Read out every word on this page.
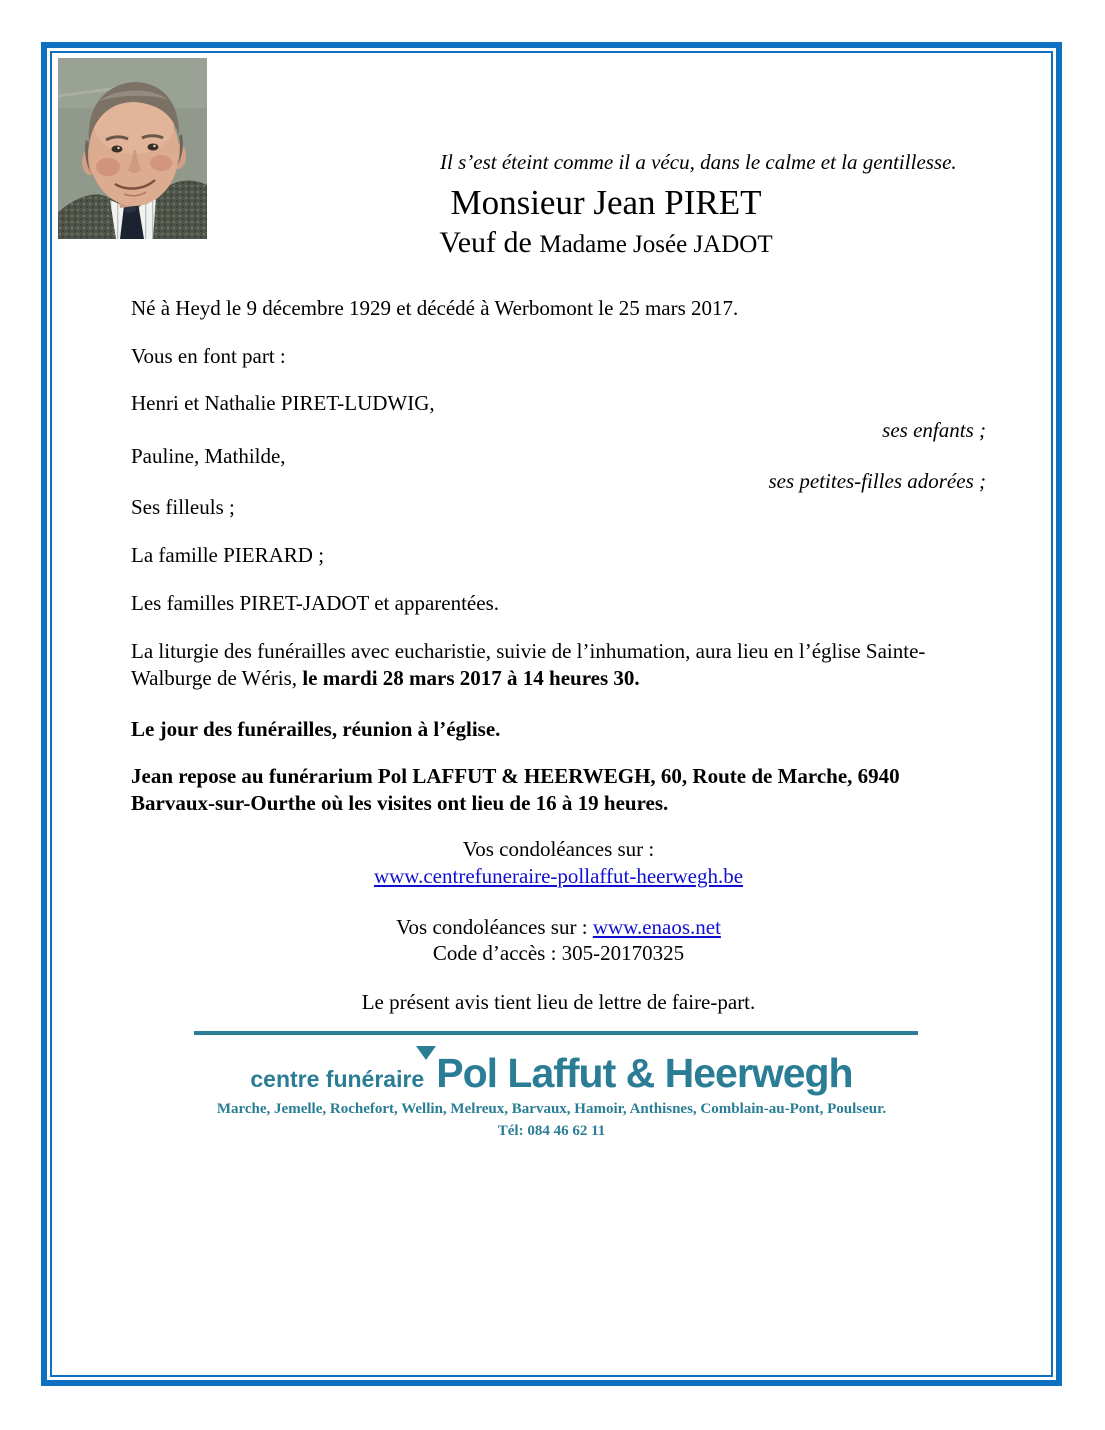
Il s’est éteint comme il a vécu, dans le calme et la gentillesse.
Monsieur Jean PIRET
Veuf de Madame Josée JADOT
Né à Heyd le 9 décembre 1929 et décédé à Werbomont le 25 mars 2017.
Vous en font part :
Henri et Nathalie PIRET-LUDWIG,
ses enfants ;
Pauline, Mathilde,
ses petites-filles adorées ;
Ses filleuls ;
La famille PIERARD ;
Les familles PIRET-JADOT et apparentées.
La liturgie des funérailles avec eucharistie, suivie de l’inhumation, aura lieu en l’église Sainte-Walburge de Wéris, le mardi 28 mars 2017 à 14 heures 30.
Le jour des funérailles, réunion à l’église.
Jean repose au funérarium Pol LAFFUT & HEERWEGH, 60, Route de Marche, 6940 Barvaux-sur-Ourthe où les visites ont lieu de 16 à 19 heures.
Vos condoléances sur :
www.centrefuneraire-pollaffut-heerwegh.be
Vos condoléances sur : www.enaos.net
Code d’accès : 305-20170325
Le présent avis tient lieu de lettre de faire-part.
centre funéraire Pol Laffut & Heerwegh
Marche, Jemelle, Rochefort, Wellin, Melreux, Barvaux, Hamoir, Anthisnes, Comblain-au-Pont, Poulseur.
Tél: 084 46 62 11
